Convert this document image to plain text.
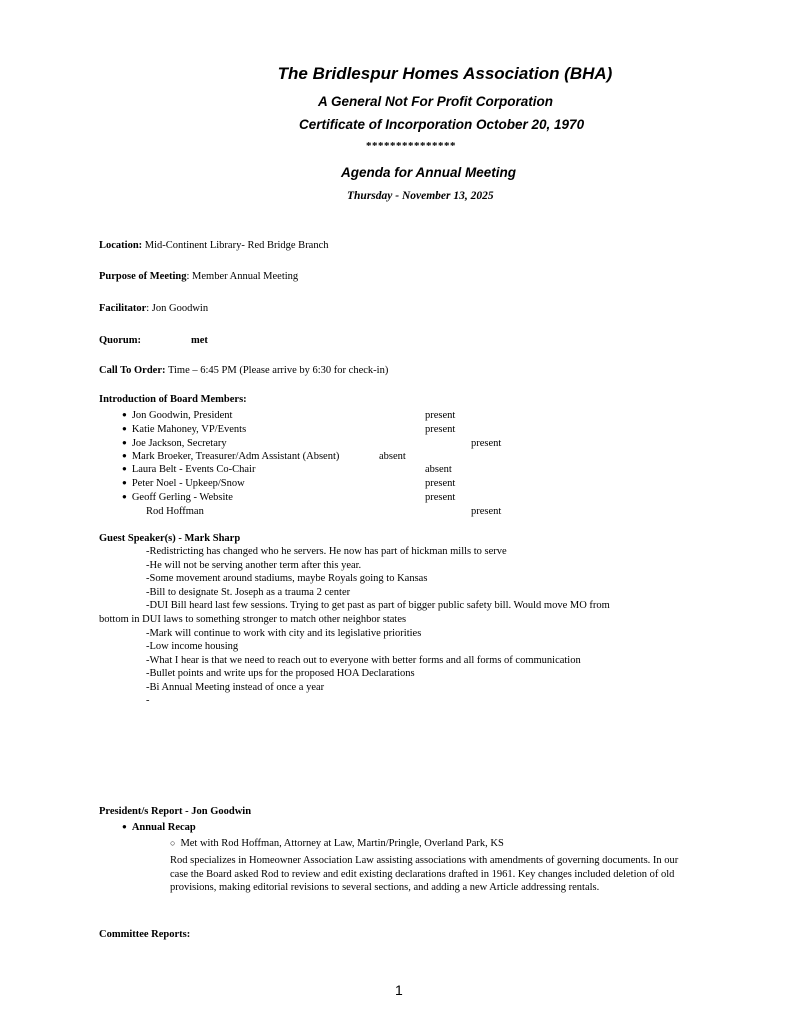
The Bridlespur Homes Association (BHA)
A General Not For Profit Corporation
Certificate of Incorporation October 20, 1970
***************
Agenda for Annual Meeting
Thursday - November 13, 2025
Location: Mid-Continent Library- Red Bridge Branch
Purpose of Meeting: Member Annual Meeting
Facilitator: Jon Goodwin
Quorum:	met
Call To Order: Time – 6:45 PM (Please arrive by 6:30 for check-in)
Introduction of Board Members:
● Jon Goodwin, President	present
● Katie Mahoney, VP/Events	present
● Joe Jackson, Secretary	present
● Mark Broeker, Treasurer/Adm Assistant (Absent)	absent
● Laura Belt - Events Co-Chair	absent
● Peter Noel - Upkeep/Snow	present
● Geoff Gerling - Website	present
Rod Hoffman	present
Guest Speaker(s) - Mark Sharp
-Redistricting has changed who he servers. He now has part of hickman mills to serve
-He will not be serving another term after this year.
-Some movement around stadiums, maybe Royals going to Kansas
-Bill to designate St. Joseph as a trauma 2 center
-DUI Bill heard last few sessions. Trying to get past as part of bigger public safety bill. Would move MO from
bottom in DUI laws to something stronger to match other neighbor states
-Mark will continue to work with city and its legislative priorities
-Low income housing
-What I hear is that we need to reach out to everyone with better forms and all forms of communication
-Bullet points and write ups for the proposed HOA Declarations
-Bi Annual Meeting instead of once a year
-
President/s Report - Jon Goodwin
● Annual Recap
○ Met with Rod Hoffman, Attorney at Law, Martin/Pringle, Overland Park, KS
Rod specializes in Homeowner Association Law assisting associations with amendments of governing documents. In our case the Board asked Rod to review and edit existing declarations drafted in 1961. Key changes included deletion of old provisions, making editorial revisions to several sections, and adding a new Article addressing rentals.
Committee Reports:
1
